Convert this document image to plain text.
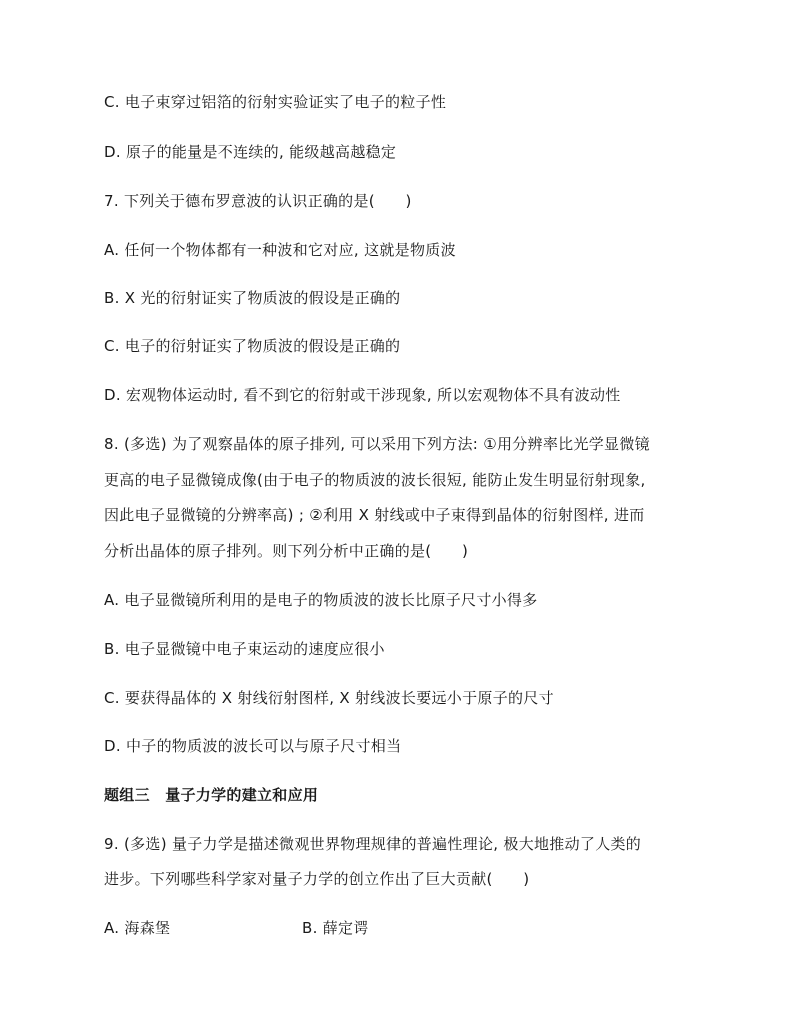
C. 电子束穿过铝箔的衍射实验证实了电子的粒子性
D. 原子的能量是不连续的, 能级越高越稳定
7. 下列关于德布罗意波的认识正确的是(　　)
A. 任何一个物体都有一种波和它对应, 这就是物质波
B. X 光的衍射证实了物质波的假设是正确的
C. 电子的衍射证实了物质波的假设是正确的
D. 宏观物体运动时, 看不到它的衍射或干涉现象, 所以宏观物体不具有波动性
8. (多选) 为了观察晶体的原子排列, 可以采用下列方法: ①用分辨率比光学显微镜
更高的电子显微镜成像(由于电子的物质波的波长很短, 能防止发生明显衍射现象,
因此电子显微镜的分辨率高) ; ②利用 X 射线或中子束得到晶体的衍射图样, 进而
分析出晶体的原子排列。则下列分析中正确的是(　　)
A. 电子显微镜所利用的是电子的物质波的波长比原子尺寸小得多
B. 电子显微镜中电子束运动的速度应很小
C. 要获得晶体的 X 射线衍射图样, X 射线波长要远小于原子的尺寸
D. 中子的物质波的波长可以与原子尺寸相当
题组三　量子力学的建立和应用
9. (多选) 量子力学是描述微观世界物理规律的普遍性理论, 极大地推动了人类的
进步。下列哪些科学家对量子力学的创立作出了巨大贡献(　　)
A. 海森堡	B. 薛定谔
